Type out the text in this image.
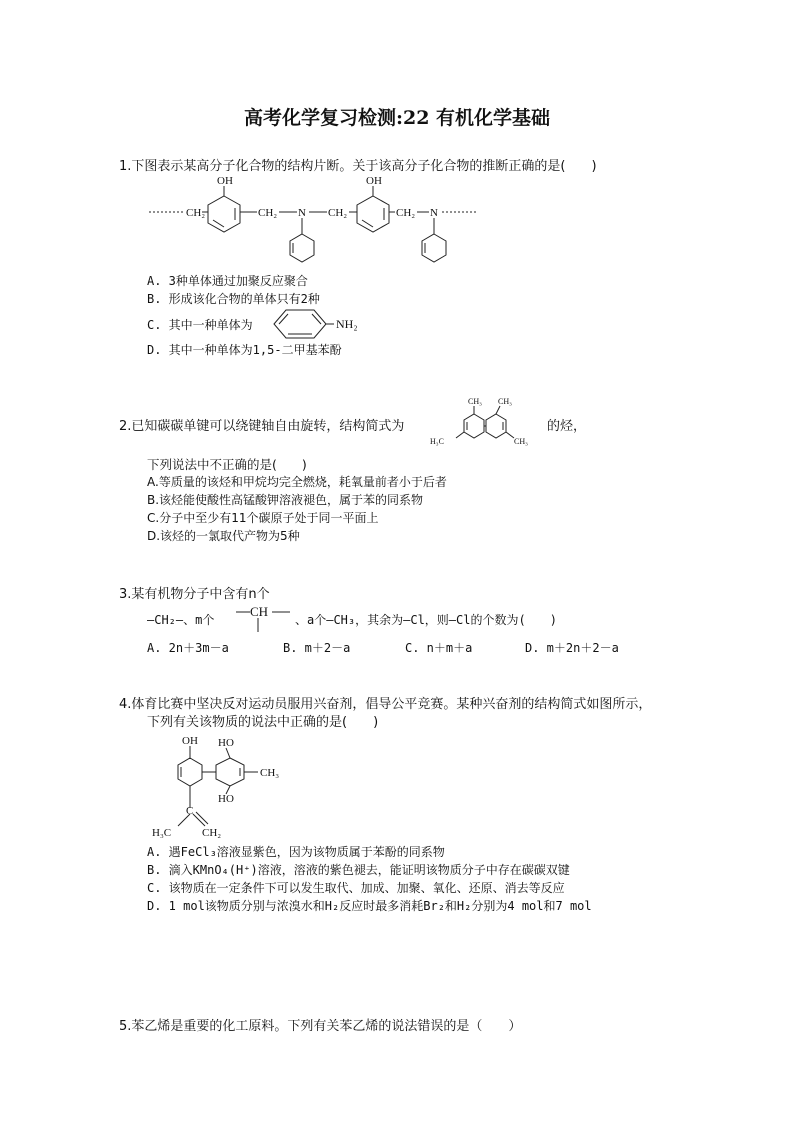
高考化学复习检测:22 有机化学基础
1.下图表示某高分子化合物的结构片断。关于该高分子化合物的推断正确的是(　　)
OH
CH₂	CH₂ N CH₂
OH
CH₂ N
A. 3种单体通过加聚反应聚合
B. 形成该化合物的单体只有2种
C. 其中一种单体为	NH₂
D. 其中一种单体为1,5-二甲基苯酚
2.已知碳碳单键可以绕键轴自由旋转，结构简式为
CH₃ CH₃
H₃C	CH₃
的烃，
下列说法中不正确的是(　　)
A.等质量的该烃和甲烷均完全燃烧，耗氧量前者小于后者
B.该烃能使酸性高锰酸钾溶液褪色，属于苯的同系物
C.分子中至少有11个碳原子处于同一平面上
D.该烃的一氯取代产物为5种
3.某有机物分子中含有n个
—CH₂—、m个
CH
、a个—CH₃，其余为—Cl，则—Cl的个数为(　　)
A. 2n＋3m－a	B. m＋2－a	C. n＋m＋a	D. m＋2n＋2－a
4.体育比赛中坚决反对运动员服用兴奋剂，倡导公平竞赛。某种兴奋剂的结构简式如图所示，
下列有关该物质的说法中正确的是(　　)
OH HO
HO
CH₃
C
H₃C	CH₂
A. 遇FeCl₃溶液显紫色，因为该物质属于苯酚的同系物
B. 滴入KMnO₄(H⁺)溶液，溶液的紫色褪去，能证明该物质分子中存在碳碳双键
C. 该物质在一定条件下可以发生取代、加成、加聚、氧化、还原、消去等反应
D. 1 mol该物质分别与浓溴水和H₂反应时最多消耗Br₂和H₂分别为4 mol和7 mol
5.苯乙烯是重要的化工原料。下列有关苯乙烯的说法错误的是（　　）
